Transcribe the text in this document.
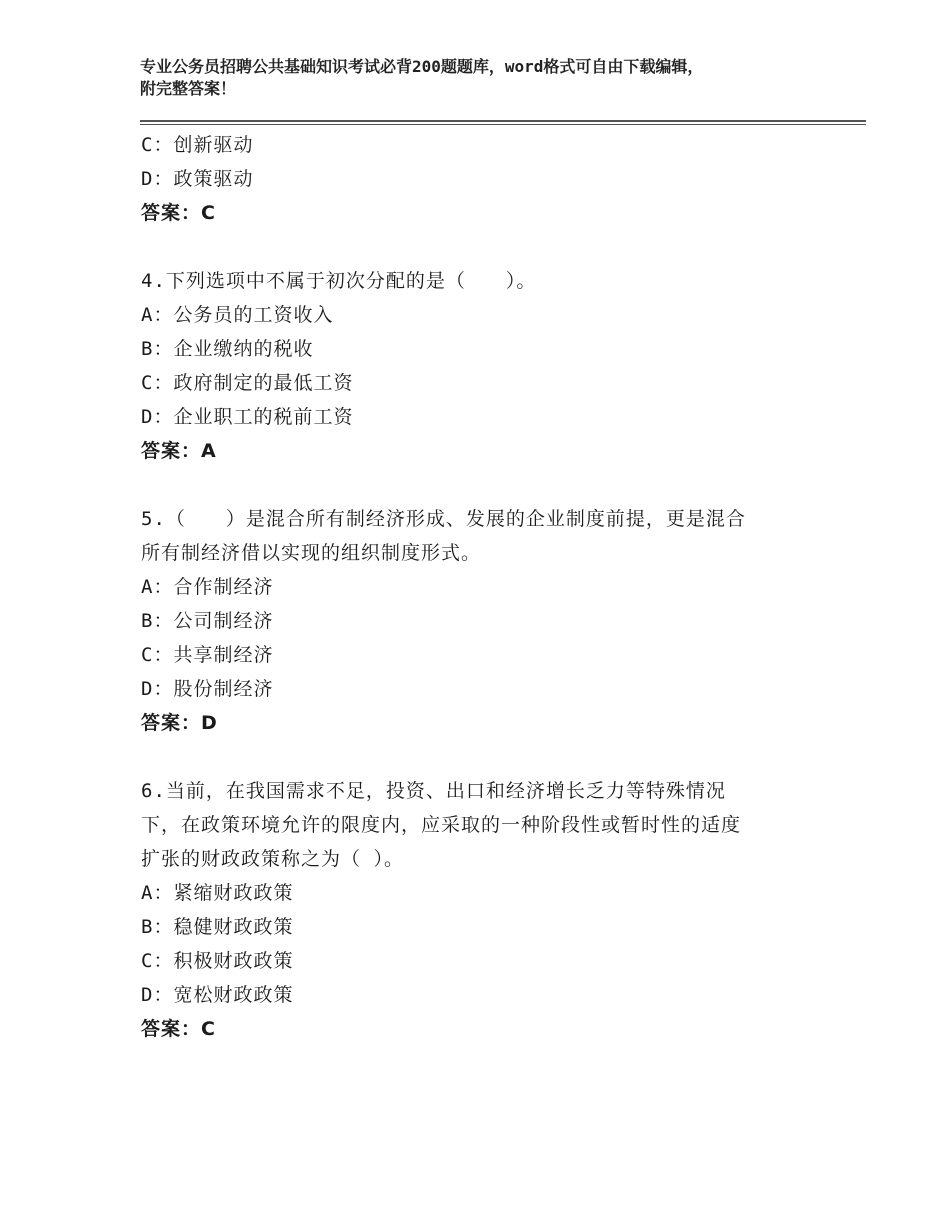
专业公务员招聘公共基础知识考试必背200题题库，word格式可自由下载编辑，
附完整答案！
C：创新驱动
D：政策驱动
答案：C
4.下列选项中不属于初次分配的是（　　）。
A：公务员的工资收入
B：企业缴纳的税收
C：政府制定的最低工资
D：企业职工的税前工资
答案：A
5.（　　）是混合所有制经济形成、发展的企业制度前提，更是混合
所有制经济借以实现的组织制度形式。
A：合作制经济
B：公司制经济
C：共享制经济
D：股份制经济
答案：D
6.当前，在我国需求不足，投资、出口和经济增长乏力等特殊情况
下，在政策环境允许的限度内，应采取的一种阶段性或暂时性的适度
扩张的财政政策称之为（ ）。
A：紧缩财政政策
B：稳健财政政策
C：积极财政政策
D：宽松财政政策
答案：C
